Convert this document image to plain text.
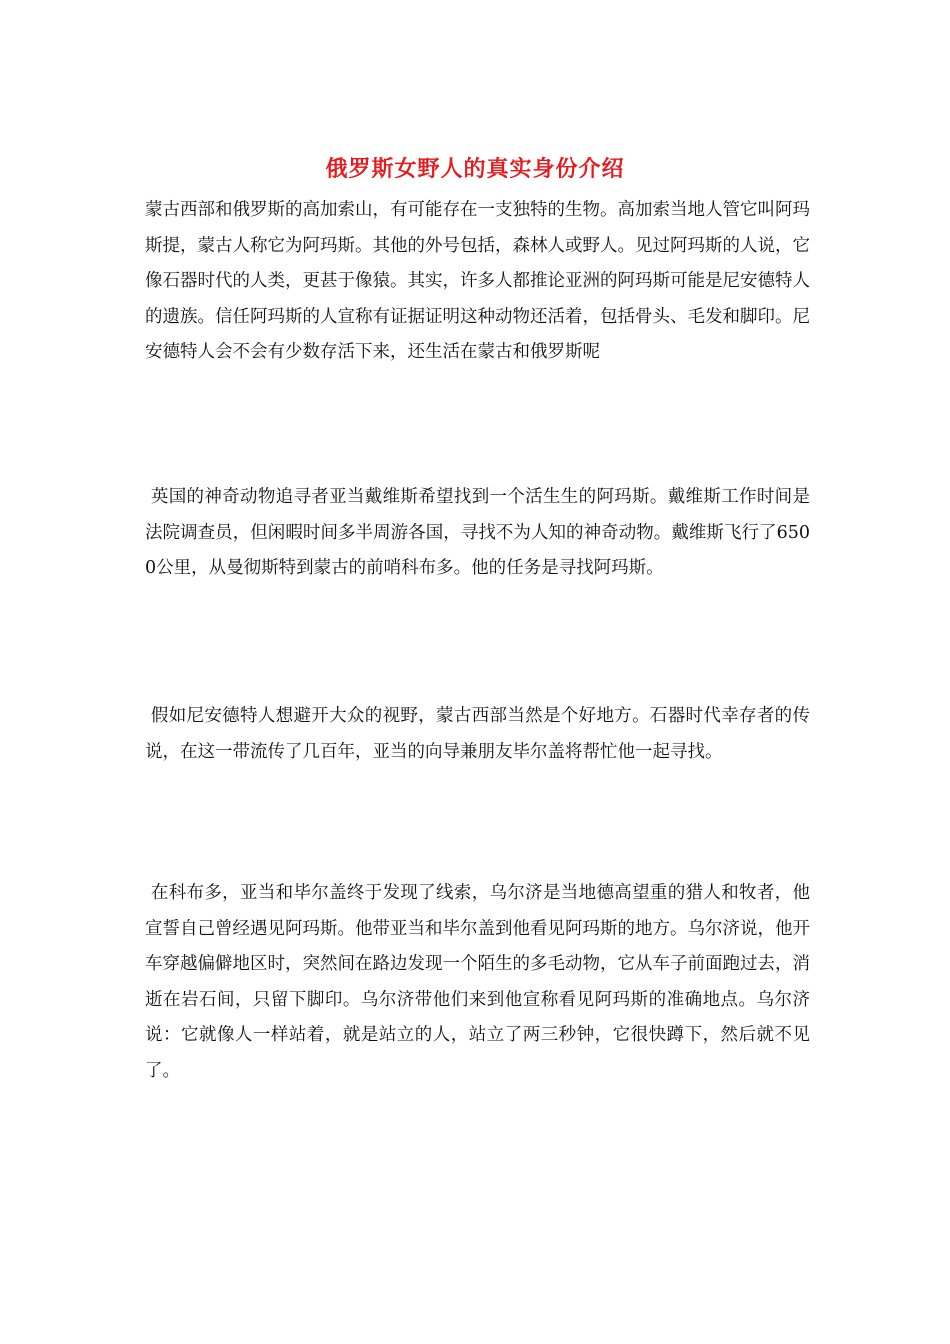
俄罗斯女野人的真实身份介绍

蒙古西部和俄罗斯的高加索山，有可能存在一支独特的生物。高加索当地人管它叫阿玛斯提，蒙古人称它为阿玛斯。其他的外号包括，森林人或野人。见过阿玛斯的人说，它像石器时代的人类，更甚于像猿。其实，许多人都推论亚洲的阿玛斯可能是尼安德特人的遗族。信任阿玛斯的人宣称有证据证明这种动物还活着，包括骨头、毛发和脚印。尼安德特人会不会有少数存活下来，还生活在蒙古和俄罗斯呢

英国的神奇动物追寻者亚当戴维斯希望找到一个活生生的阿玛斯。戴维斯工作时间是法院调查员，但闲暇时间多半周游各国，寻找不为人知的神奇动物。戴维斯飞行了6500公里，从曼彻斯特到蒙古的前哨科布多。他的任务是寻找阿玛斯。

假如尼安德特人想避开大众的视野，蒙古西部当然是个好地方。石器时代幸存者的传说，在这一带流传了几百年，亚当的向导兼朋友毕尔盖将帮忙他一起寻找。

在科布多，亚当和毕尔盖终于发现了线索，乌尔济是当地德高望重的猎人和牧者，他宣誓自己曾经遇见阿玛斯。他带亚当和毕尔盖到他看见阿玛斯的地方。乌尔济说，他开车穿越偏僻地区时，突然间在路边发现一个陌生的多毛动物，它从车子前面跑过去，消逝在岩石间，只留下脚印。乌尔济带他们来到他宣称看见阿玛斯的准确地点。乌尔济说：它就像人一样站着，就是站立的人，站立了两三秒钟，它很快蹲下，然后就不见了。
